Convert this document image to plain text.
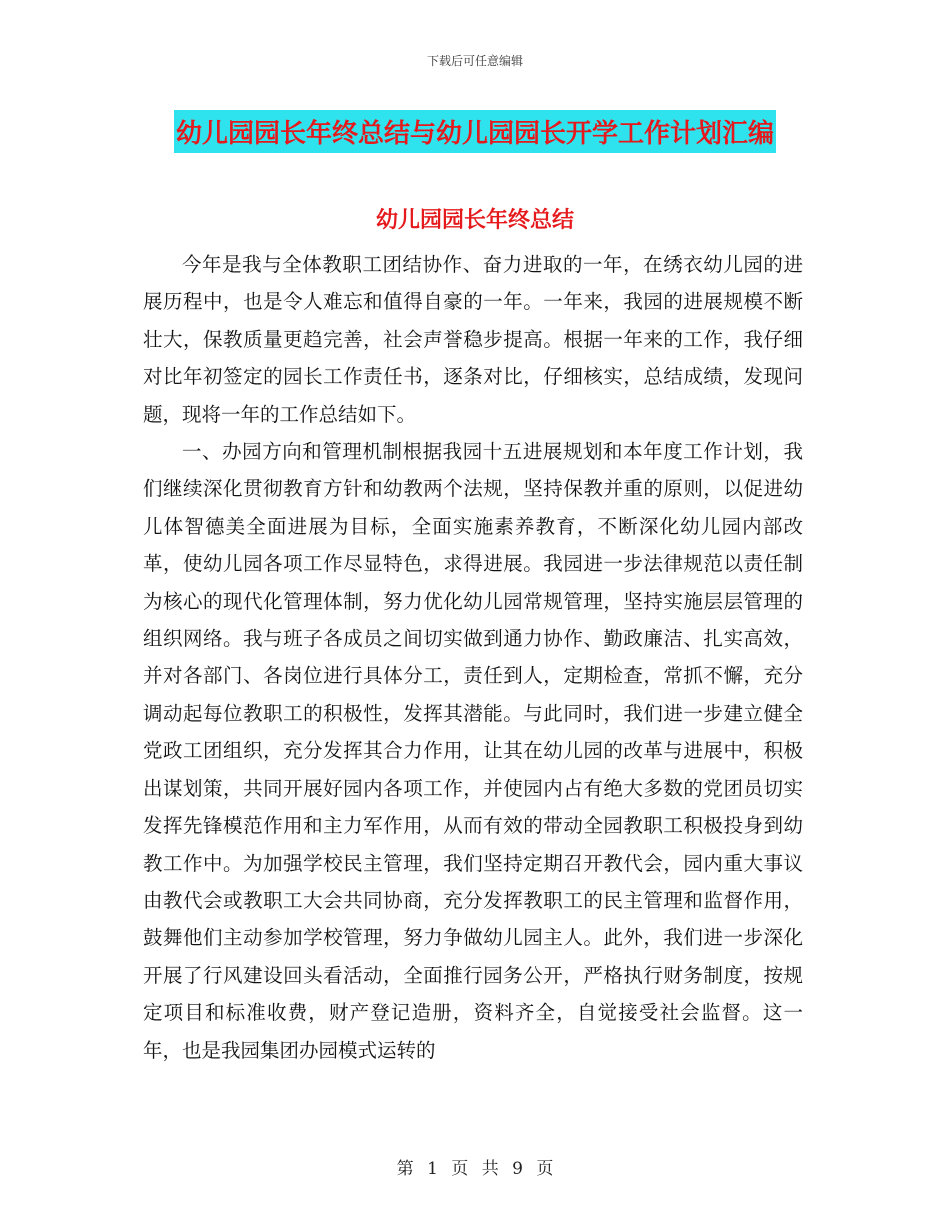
下载后可任意编辑
幼儿园园长年终总结与幼儿园园长开学工作计划汇编
幼儿园园长年终总结

今年是我与全体教职工团结协作、奋力进取的一年，在绣衣幼儿园的进展历程中，也是令人难忘和值得自豪的一年。一年来，我园的进展规模不断壮大，保教质量更趋完善，社会声誉稳步提高。根据一年来的工作，我仔细对比年初签定的园长工作责任书，逐条对比，仔细核实，总结成绩，发现问题，现将一年的工作总结如下。

一、办园方向和管理机制根据我园十五进展规划和本年度工作计划，我们继续深化贯彻教育方针和幼教两个法规，坚持保教并重的原则，以促进幼儿体智德美全面进展为目标，全面实施素养教育，不断深化幼儿园内部改革，使幼儿园各项工作尽显特色，求得进展。我园进一步法律规范以责任制为核心的现代化管理体制，努力优化幼儿园常规管理，坚持实施层层管理的组织网络。我与班子各成员之间切实做到通力协作、勤政廉洁、扎实高效，并对各部门、各岗位进行具体分工，责任到人，定期检查，常抓不懈，充分调动起每位教职工的积极性，发挥其潜能。与此同时，我们进一步建立健全党政工团组织，充分发挥其合力作用，让其在幼儿园的改革与进展中，积极出谋划策，共同开展好园内各项工作，并使园内占有绝大多数的党团员切实发挥先锋模范作用和主力军作用，从而有效的带动全园教职工积极投身到幼教工作中。为加强学校民主管理，我们坚持定期召开教代会，园内重大事议由教代会或教职工大会共同协商，充分发挥教职工的民主管理和监督作用，鼓舞他们主动参加学校管理，努力争做幼儿园主人。此外，我们进一步深化开展了行风建设回头看活动，全面推行园务公开，严格执行财务制度，按规定项目和标准收费，财产登记造册，资料齐全，自觉接受社会监督。这一年，也是我园集团办园模式运转的

第 1 页 共 9 页
